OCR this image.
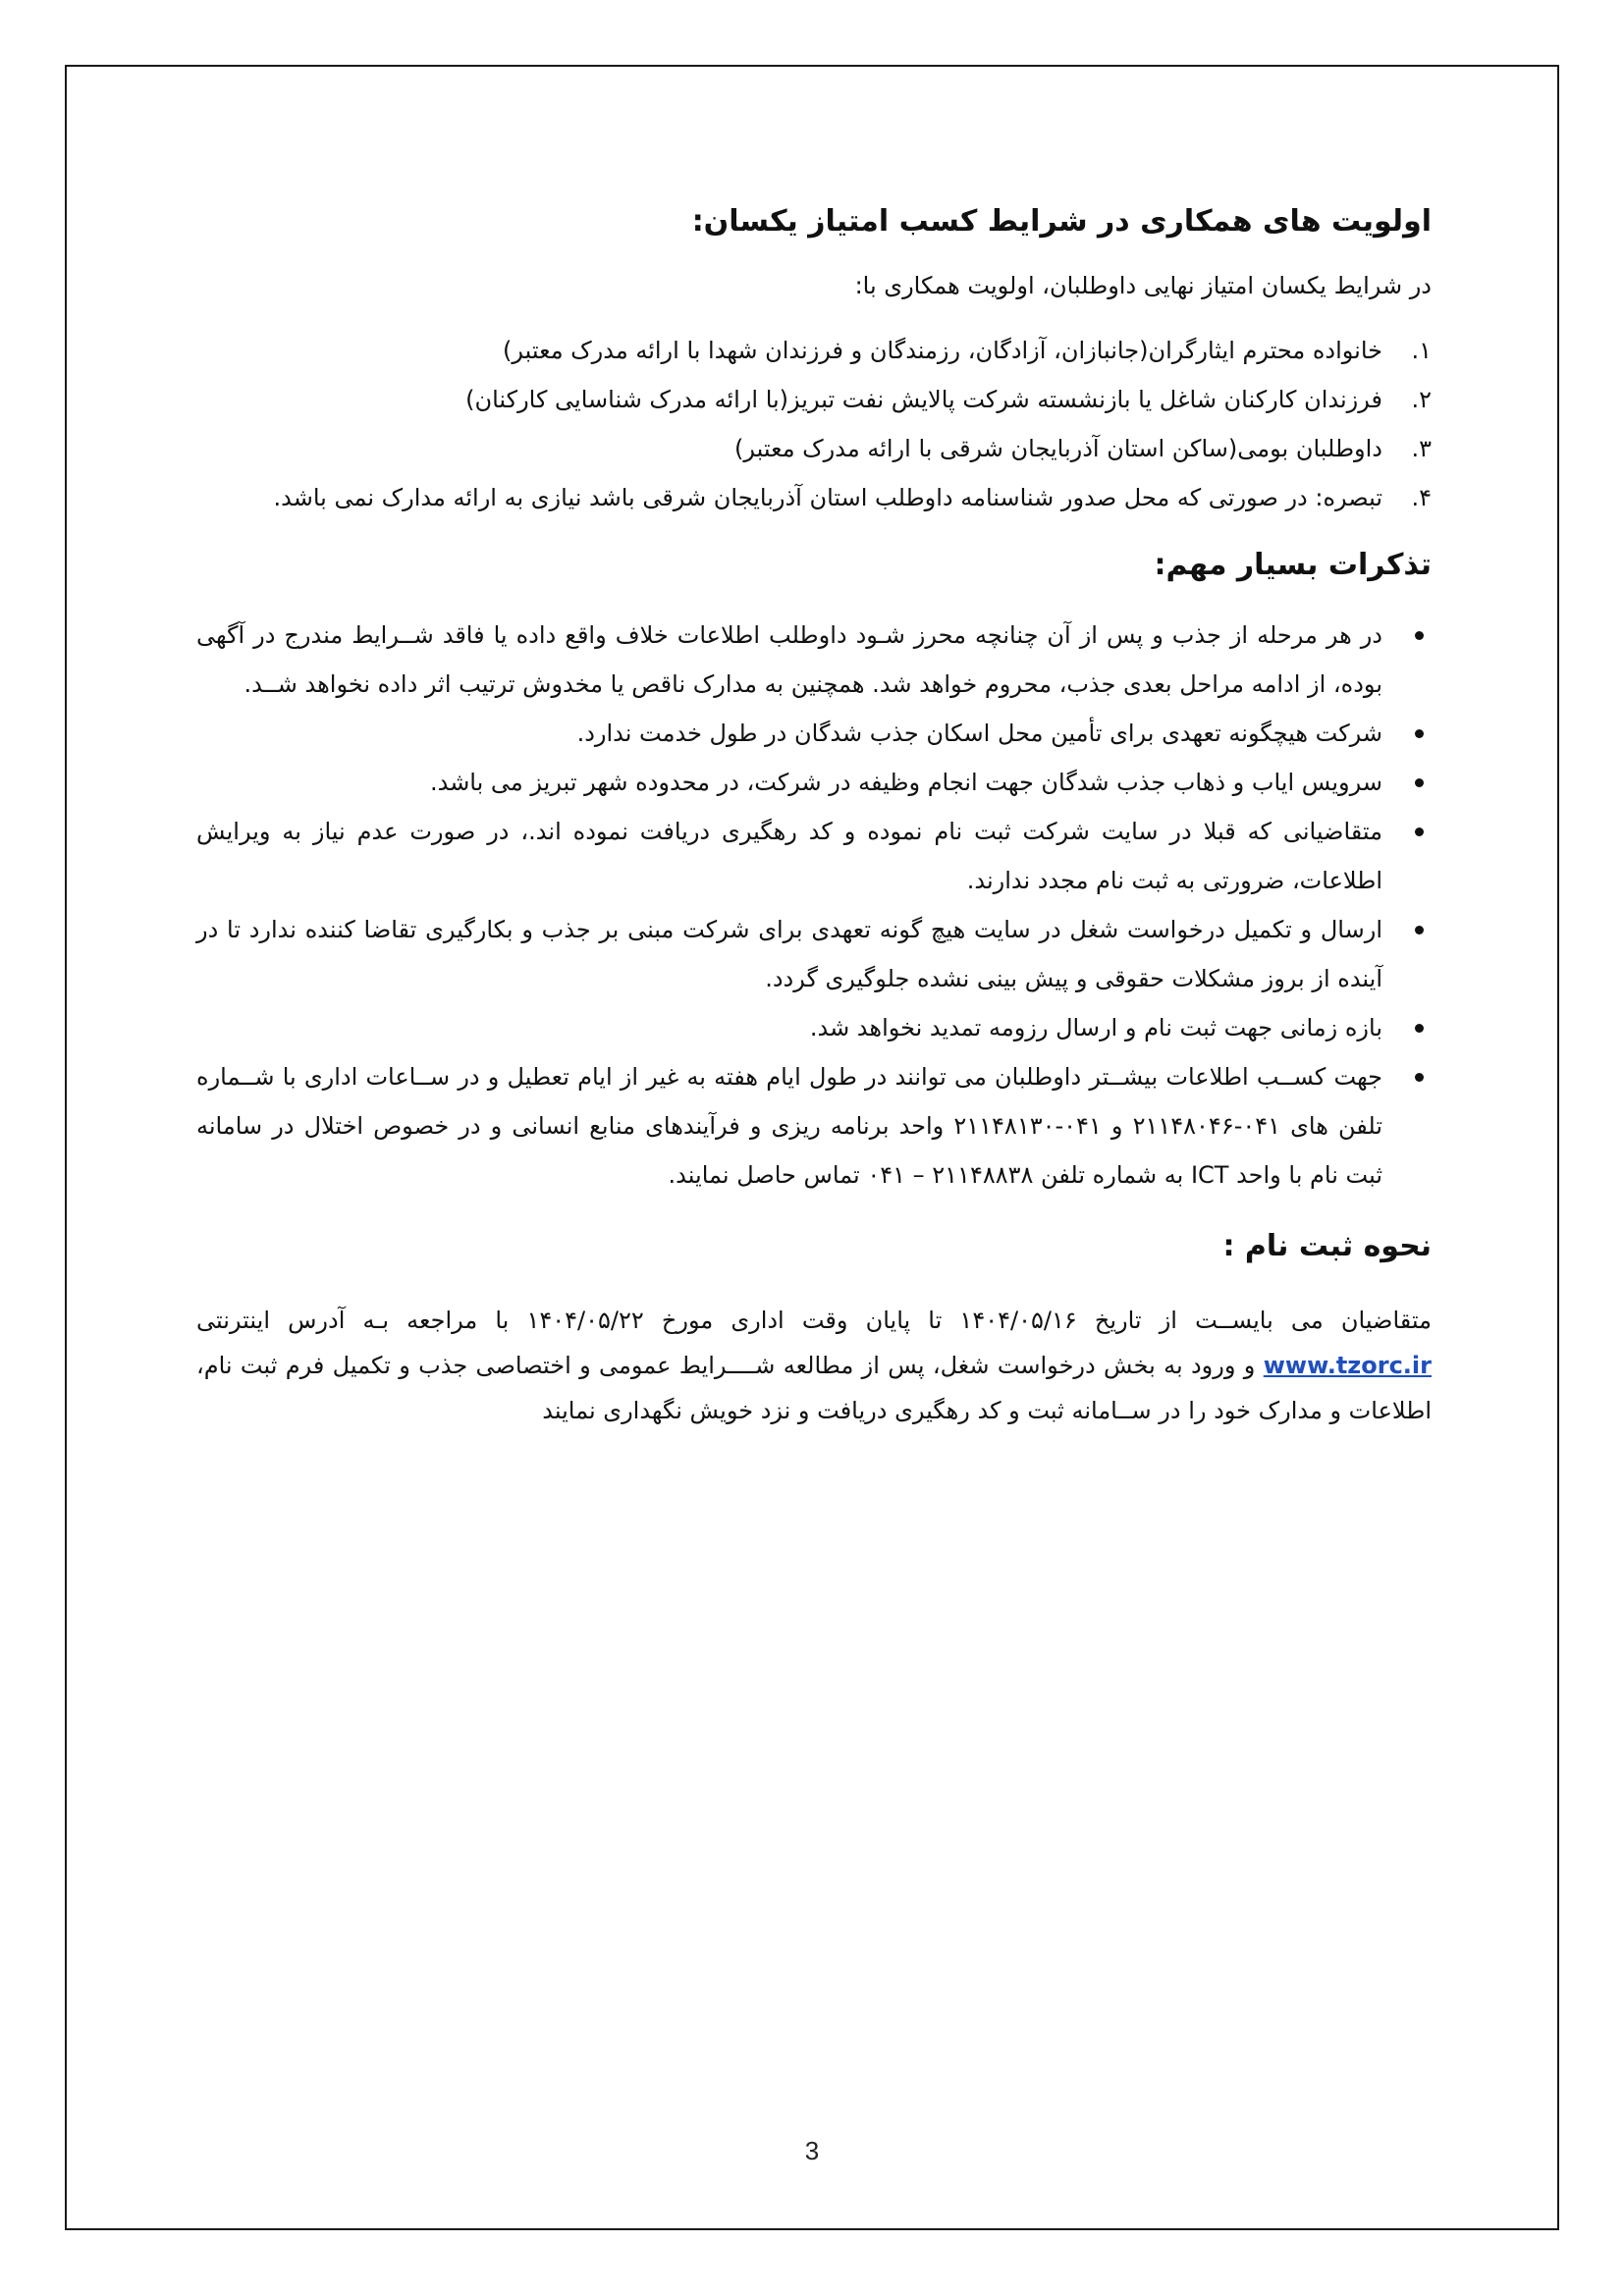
اولویت های همکاری در شرایط کسب امتیاز یکسان:

در شرایط یکسان امتیاز نهایی داوطلبان، اولویت همکاری با:

۱.
خانواده محترم ایثارگران(جانبازان، آزادگان، رزمندگان و فرزندان شهدا با ارائه مدرک معتبر)
۲.
فرزندان کارکنان شاغل یا بازنشسته شرکت پالایش نفت تبریز(با ارائه مدرک شناسایی کارکنان)
۳.
داوطلبان بومی(ساکن استان آذربایجان شرقی با ارائه مدرک معتبر)
۴.
تبصره: در صورتی که محل صدور شناسنامه داوطلب استان آذربایجان شرقی باشد نیازی به ارائه مدارک نمی باشد.
تذکرات بسیار مهم:
در هر مرحله از جذب و پس از آن چنانچه محرز شـود داوطلب اطلاعات خلاف واقع داده یا فاقد شــرایط مندرج در آگهی بوده، از ادامه مراحل بعدی جذب، محروم خواهد شد. همچنین به مدارک ناقص یا مخدوش ترتیب اثر داده نخواهد شــد.
شرکت هیچگونه تعهدی برای تأمین محل اسکان جذب شدگان در طول خدمت ندارد.
سرویس ایاب و ذهاب جذب شدگان جهت انجام وظیفه در شرکت، در محدوده شهر تبریز می باشد.
متقاضیانی که قبلا در سایت شرکت ثبت نام نموده و کد رهگیری دریافت نموده اند.، در صورت عدم نیاز به ویرایش اطلاعات، ضرورتی به ثبت نام مجدد ندارند.
ارسال و تکمیل درخواست شغل در سایت هیچ گونه تعهدی برای شرکت مبنی بر جذب و بکارگیری تقاضا کننده ندارد تا در آینده از بروز مشکلات حقوقی و پیش بینی نشده جلوگیری گردد.
بازه زمانی جهت ثبت نام و ارسال رزومه تمدید نخواهد شد.
جهت کســب اطلاعات بیشــتر داوطلبان می توانند در طول ایام هفته به غیر از ایام تعطیل و در ســاعات اداری با شــماره تلفن های ۰۴۱-۲۱۱۴۸۰۴۶ و ۰۴۱-۲۱۱۴۸۱۳۰ واحد برنامه ریزی و فرآیندهای منابع انسانی و در خصوص اختلال در سامانه ثبت نام با واحد ICT به شماره تلفن ۲۱۱۴۸۸۳۸ – ۰۴۱ تماس حاصل نمایند.
نحوه ثبت نام :

متقاضیان می بایســت از تاریخ ۱۴۰۴/۰۵/۱۶ تا پایان وقت اداری مورخ ۱۴۰۴/۰۵/۲۲ با مراجعه بـه آدرس اینترنتی www.tzorc.ir و ورود به بخش درخواست شغل، پس از مطالعه شــــرایط عمومی و اختصاصی جذب و تکمیل فرم ثبت نام، اطلاعات و مدارک خود را در ســامانه ثبت و کد رهگیری دریافت و نزد خویش نگهداری نمایند

3
